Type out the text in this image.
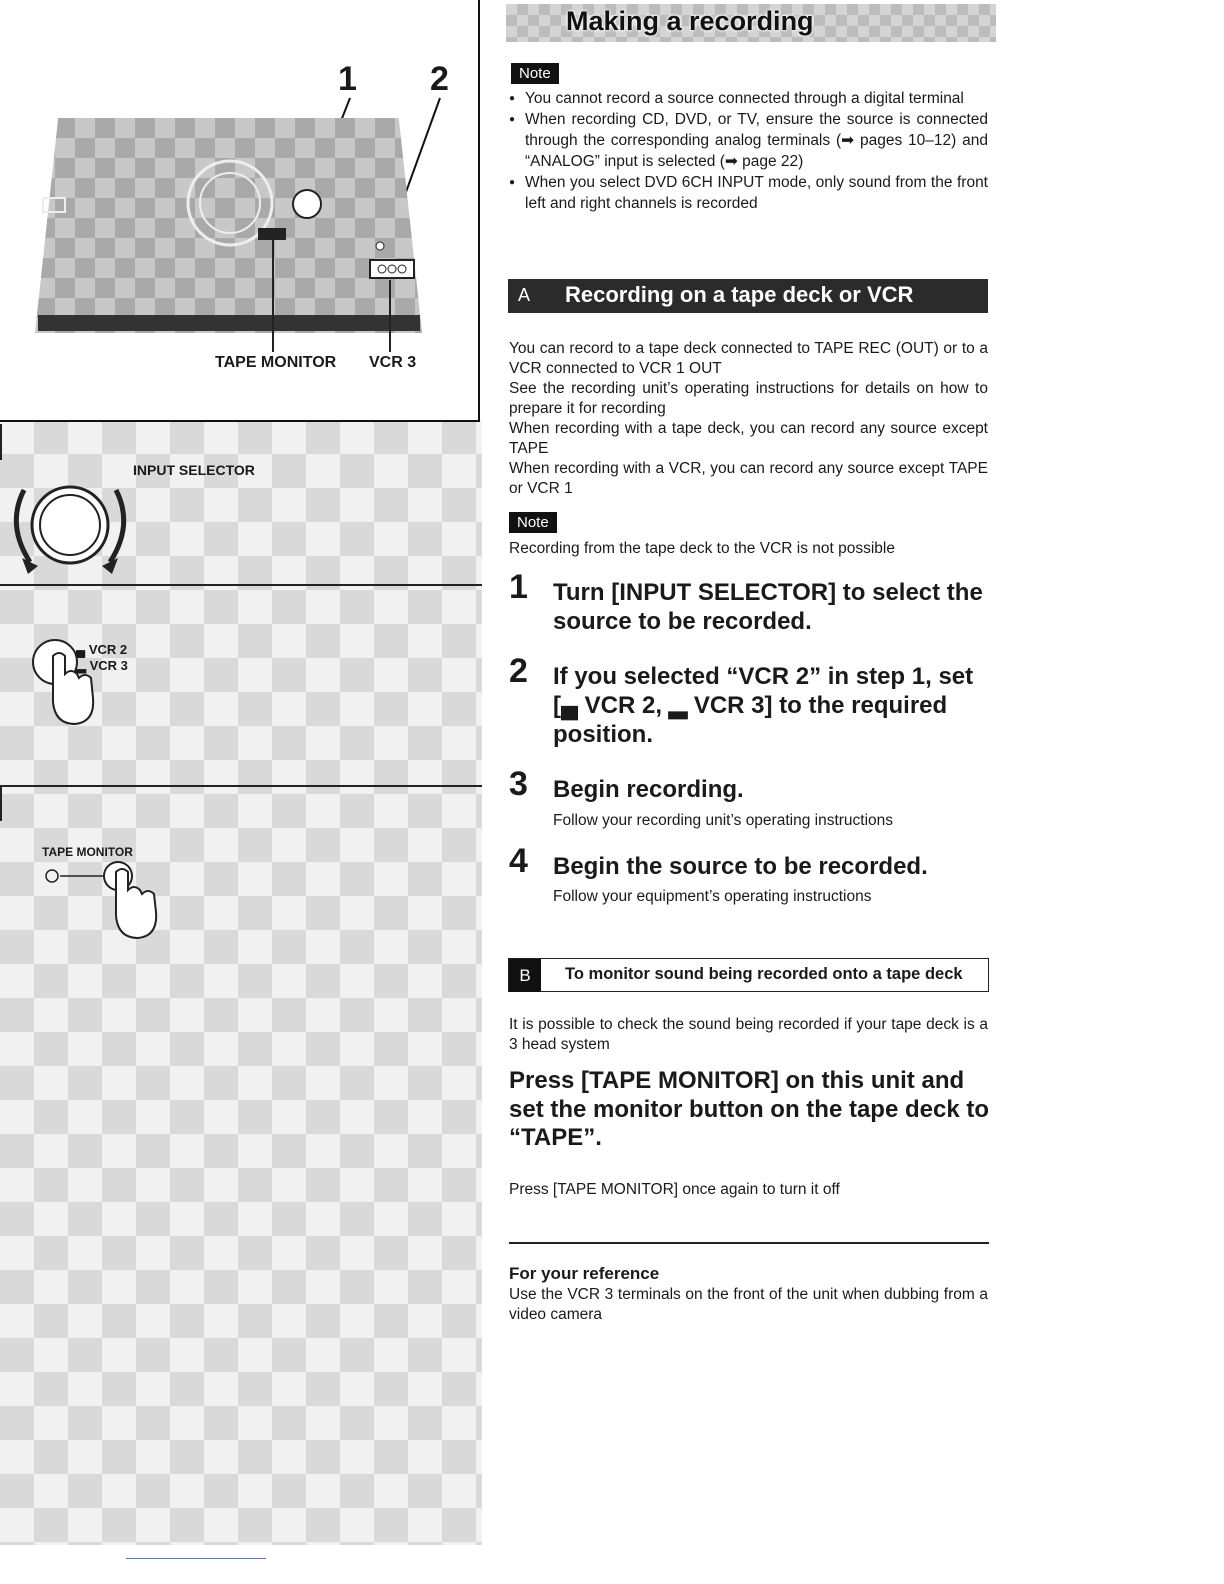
1 2
TAPE MONITOR VCR 3
INPUT SELECTOR
▄ VCR 2
▂ VCR 3
TAPE MONITOR
Making a recording
Note
● You cannot record a source connected through a digital terminal
● When recording CD, DVD, or TV, ensure the source is connected through the corresponding analog terminals (➡ pages 10–12) and “ANALOG” input is selected (➡ page 22)
● When you select DVD 6CH INPUT mode, only sound from the front left and right channels is recorded
A Recording on a tape deck or VCR
You can record to a tape deck connected to TAPE REC (OUT) or to a VCR connected to VCR 1 OUT
See the recording unit’s operating instructions for details on how to prepare it for recording
When recording with a tape deck, you can record any source except TAPE
When recording with a VCR, you can record any source except TAPE or VCR 1
Note
Recording from the tape deck to the VCR is not possible
1 Turn [INPUT SELECTOR] to select the source to be recorded.
2 If you selected “VCR 2” in step 1, set [▄ VCR 2, ▂ VCR 3] to the required position.
3 Begin recording.
Follow your recording unit’s operating instructions
4 Begin the source to be recorded.
Follow your equipment’s operating instructions
B	To monitor sound being recorded onto a tape deck
It is possible to check the sound being recorded if your tape deck is a 3 head system
Press [TAPE MONITOR] on this unit and set the monitor button on the tape deck to “TAPE”.
Press [TAPE MONITOR] once again to turn it off
For your reference
Use the VCR 3 terminals on the front of the unit when dubbing from a video camera
